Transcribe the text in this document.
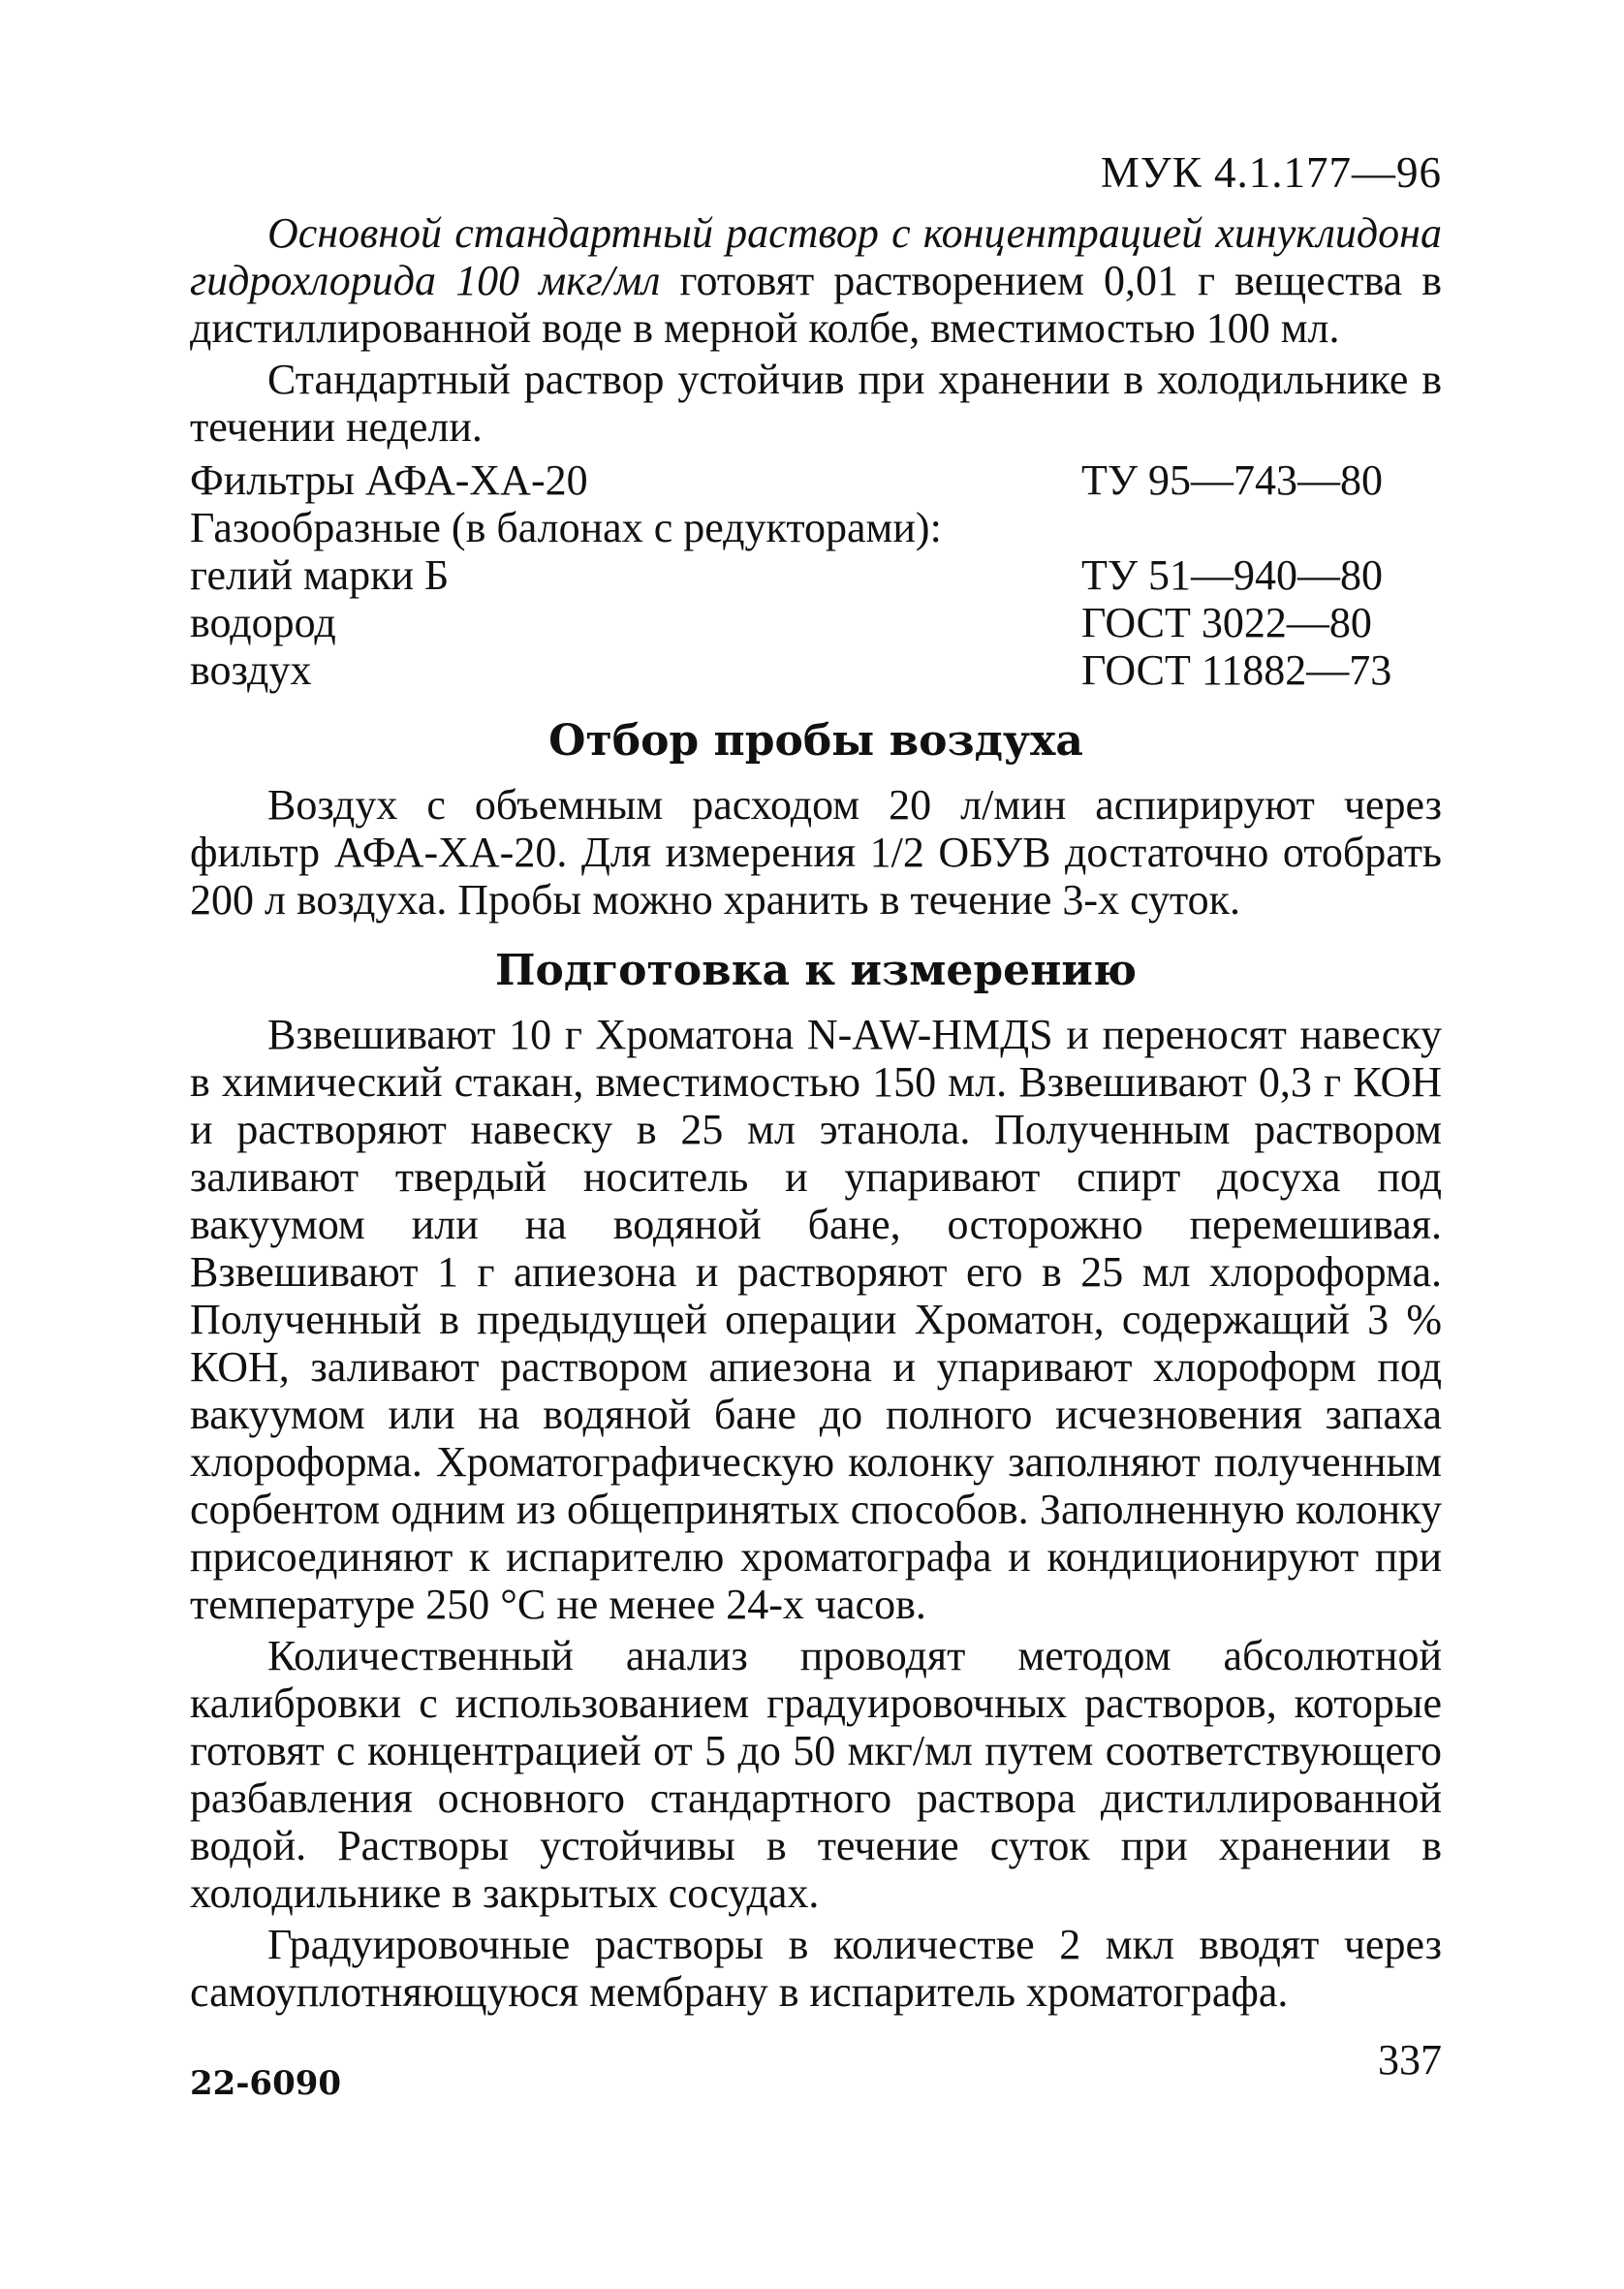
МУК 4.1.177—96

Основной стандартный раствор с концентрацией хинуклидона гидрохлорида 100 мкг/мл готовят растворением 0,01 г вещества в дистиллированной воде в мерной колбе, вместимостью 100 мл.

Стандартный раствор устойчив при хранении в холодильнике в течении недели.

Фильтры АФА-ХА-20	ТУ 95—743—80
Газообразные (в балонах с редукторами):
гелий марки Б	ТУ 51—940—80
водород	ГОСТ 3022—80
воздух	ГОСТ 11882—73
Отбор пробы воздуха

Воздух с объемным расходом 20 л/мин аспирируют через фильтр АФА-ХА-20. Для измерения 1/2 ОБУВ достаточно отобрать 200 л воздуха. Пробы можно хранить в течение 3-х суток.

Подготовка к измерению

Взвешивают 10 г Хроматона N-AW-HMДS и переносят навеску в химический стакан, вместимостью 150 мл. Взвешивают 0,3 г КОН и растворяют навеску в 25 мл этанола. Полученным раствором заливают твердый носитель и упаривают спирт досуха под вакуумом или на водяной бане, осторожно перемешивая. Взвешивают 1 г апиезона и растворяют его в 25 мл хлороформа. Полученный в предыдущей операции Хроматон, содержащий 3 % КОН, заливают раствором апиезона и упаривают хлороформ под вакуумом или на водяной бане до полного исчезновения запаха хлороформа. Хроматографическую колонку заполняют полученным сорбентом одним из общепринятых способов. Заполненную колонку присоединяют к испарителю хроматографа и кондиционируют при температуре 250 °С не менее 24-х часов.

Количественный анализ проводят методом абсолютной калибровки с использованием градуировочных растворов, которые готовят с концентрацией от 5 до 50 мкг/мл путем соответствующего разбавления основного стандартного раствора дистиллированной водой. Растворы устойчивы в течение суток при хранении в холодильнике в закрытых сосудах.

Градуировочные растворы в количестве 2 мкл вводят через самоуплотняющуюся мембрану в испаритель хроматографа.

22-6090	337
